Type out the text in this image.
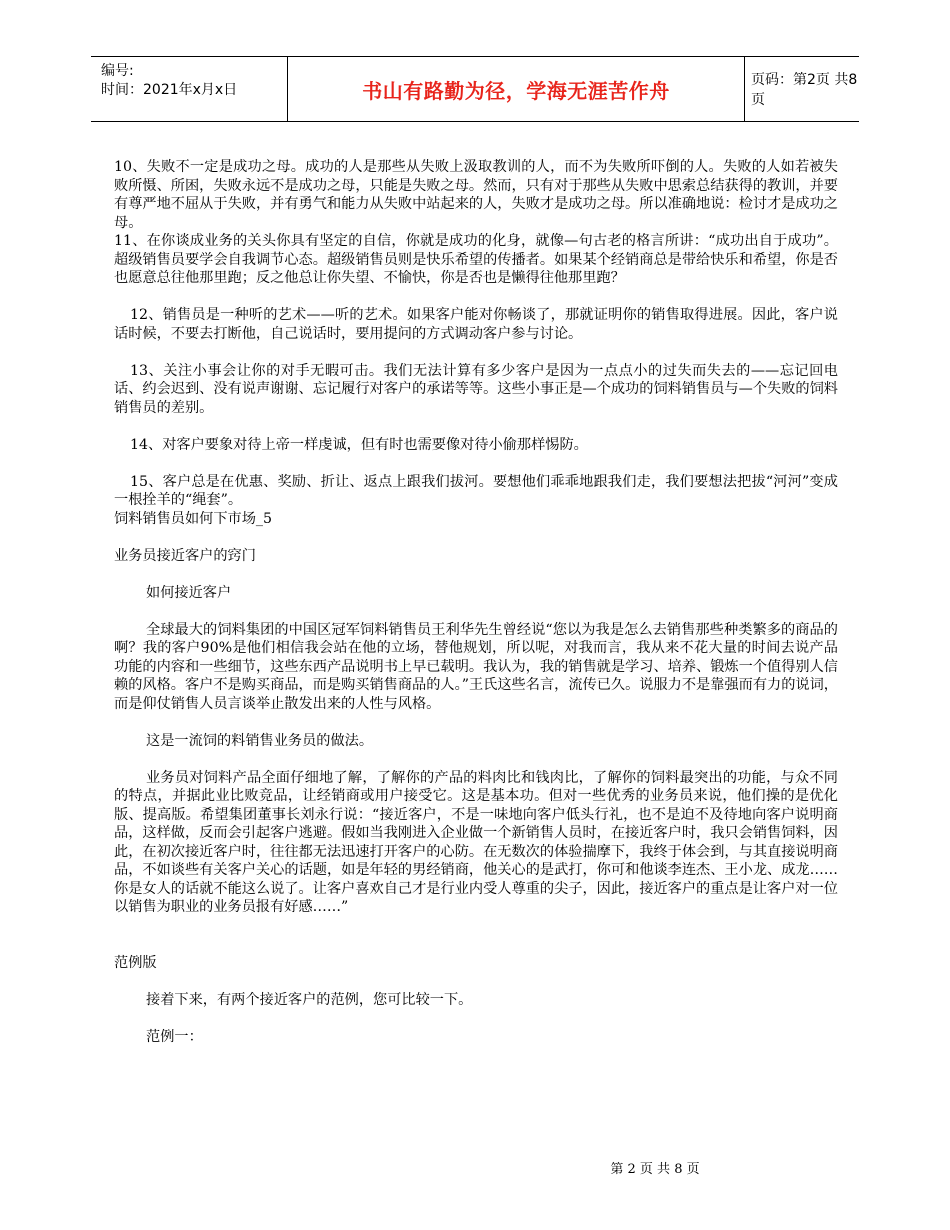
编号:
时间：2021年x月x日	书山有路勤为径，学海无涯苦作舟	页码：第2页 共8页

10、失败不一定是成功之母。成功的人是那些从失败上汲取教训的人，而不为失败所吓倒的人。失败的人如若被失败所慑、所困，失败永远不是成功之母，只能是失败之母。然而，只有对于那些从失败中思索总结获得的教训，并要有尊严地不屈从于失败，并有勇气和能力从失败中站起来的人，失败才是成功之母。所以准确地说：检讨才是成功之母。

11、在你谈成业务的关头你具有坚定的自信，你就是成功的化身，就像—句古老的格言所讲：“成功出自于成功”。超级销售员要学会自我调节心态。超级销售员则是快乐希望的传播者。如果某个经销商总是带给快乐和希望，你是否也愿意总往他那里跑；反之他总让你失望、不愉快，你是否也是懒得往他那里跑？

12、销售员是一种听的艺术——听的艺术。如果客户能对你畅谈了，那就证明你的销售取得进展。因此，客户说话时候，不要去打断他，自己说话时，要用提问的方式调动客户参与讨论。

13、关注小事会让你的对手无暇可击。我们无法计算有多少客户是因为一点点小的过失而失去的——忘记回电话、约会迟到、没有说声谢谢、忘记履行对客户的承诺等等。这些小事正是—个成功的饲料销售员与—个失败的饲料销售员的差别。

14、对客户要象对待上帝一样虔诚，但有时也需要像对待小偷那样惕防。

15、客户总是在优惠、奖励、折让、返点上跟我们拔河。要想他们乖乖地跟我们走，我们要想法把拔“河河”变成一根拴羊的“绳套”。

饲料销售员如何下市场_5

业务员接近客户的窍门

如何接近客户

全球最大的饲料集团的中国区冠军饲料销售员王利华先生曾经说“您以为我是怎么去销售那些种类繁多的商品的啊？我的客户90%是他们相信我会站在他的立场，替他规划，所以呢，对我而言，我从来不花大量的时间去说产品功能的内容和一些细节，这些东西产品说明书上早已载明。我认为，我的销售就是学习、培养、锻炼一个值得别人信赖的风格。客户不是购买商品，而是购买销售商品的人。”王氏这些名言，流传已久。说服力不是靠强而有力的说词，而是仰仗销售人员言谈举止散发出来的人性与风格。

这是一流饲的料销售业务员的做法。

业务员对饲料产品全面仔细地了解，了解你的产品的料肉比和钱肉比，了解你的饲料最突出的功能，与众不同的特点，并据此业比败竞品，让经销商或用户接受它。这是基本功。但对一些优秀的业务员来说，他们操的是优化版、提高版。希望集团董事长刘永行说：“接近客户，不是一味地向客户低头行礼，也不是迫不及待地向客户说明商品，这样做，反而会引起客户逃避。假如当我刚进入企业做一个新销售人员时，在接近客户时，我只会销售饲料，因此，在初次接近客户时，往往都无法迅速打开客户的心防。在无数次的体验揣摩下，我终于体会到，与其直接说明商品，不如谈些有关客户关心的话题，如是年轻的男经销商，他关心的是武打，你可和他谈李连杰、王小龙、成龙……你是女人的话就不能这么说了。让客户喜欢自己才是行业内受人尊重的尖子，因此，接近客户的重点是让客户对一位以销售为职业的业务员报有好感……”

范例版

接着下来，有两个接近客户的范例，您可比较一下。

范例一：

第 2 页 共 8 页
